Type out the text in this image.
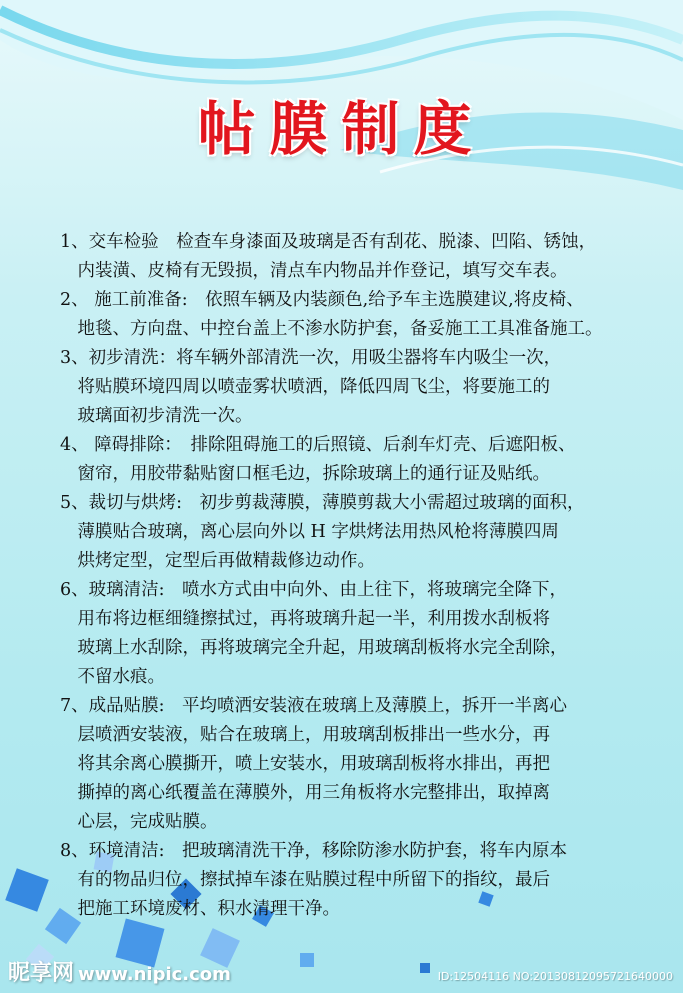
帖膜制度
1、交车检验　检查车身漆面及玻璃是否有刮花、脱漆、凹陷、锈蚀，
　内装潢、皮椅有无毁损，清点车内物品并作登记，填写交车表。
2、 施工前准备:　依照车辆及内装颜色,给予车主选膜建议,将皮椅、
　地毯、方向盘、中控台盖上不渗水防护套，备妥施工工具准备施工。
3、初步清洗：将车辆外部清洗一次，用吸尘器将车内吸尘一次，
　将贴膜环境四周以喷壶雾状喷洒，降低四周飞尘，将要施工的
　玻璃面初步清洗一次。
4、 障碍排除：　排除阻碍施工的后照镜、后刹车灯壳、后遮阳板、
　窗帘，用胶带黏贴窗口框毛边，拆除玻璃上的通行证及贴纸。
5、裁切与烘烤:　初步剪裁薄膜，薄膜剪裁大小需超过玻璃的面积，
　薄膜贴合玻璃，离心层向外以 H 字烘烤法用热风枪将薄膜四周
　烘烤定型，定型后再做精裁修边动作。
6、玻璃清洁:　喷水方式由中向外、由上往下，将玻璃完全降下，
　用布将边框细缝擦拭过，再将玻璃升起一半，利用拨水刮板将
　玻璃上水刮除，再将玻璃完全升起，用玻璃刮板将水完全刮除，
　不留水痕。
7、成品贴膜:　平均喷洒安装液在玻璃上及薄膜上，拆开一半离心
　层喷洒安装液，贴合在玻璃上，用玻璃刮板排出一些水分，再
　将其余离心膜撕开，喷上安装水，用玻璃刮板将水排出，再把
　撕掉的离心纸覆盖在薄膜外，用三角板将水完整排出，取掉离
　心层，完成贴膜。
8、环境清洁:　把玻璃清洗干净，移除防渗水防护套，将车内原本
　有的物品归位，擦拭掉车漆在贴膜过程中所留下的指纹，最后
　把施工环境废材、积水清理干净。
昵享网 www.nipic.com	ID:12504116 NO:20130812095721640000
